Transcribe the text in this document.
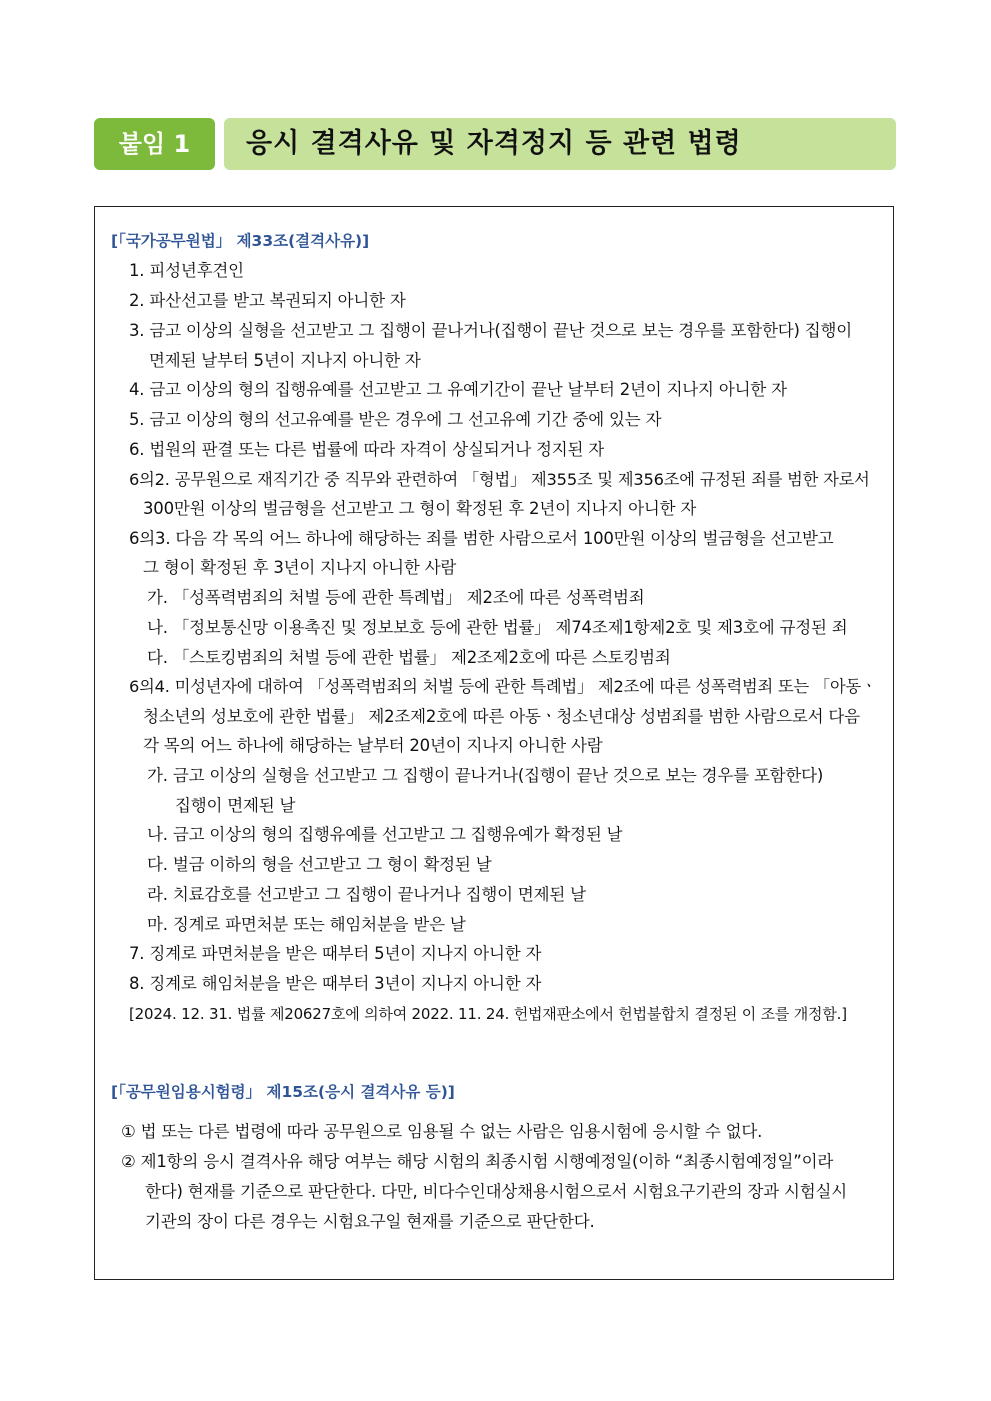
붙임 1	응시 결격사유 및 자격정지 등 관련 법령
[「국가공무원법」 제33조(결격사유)]
1. 피성년후견인
2. 파산선고를 받고 복권되지 아니한 자
3. 금고 이상의 실형을 선고받고 그 집행이 끝나거나(집행이 끝난 것으로 보는 경우를 포함한다) 집행이
면제된 날부터 5년이 지나지 아니한 자
4. 금고 이상의 형의 집행유예를 선고받고 그 유예기간이 끝난 날부터 2년이 지나지 아니한 자
5. 금고 이상의 형의 선고유예를 받은 경우에 그 선고유예 기간 중에 있는 자
6. 법원의 판결 또는 다른 법률에 따라 자격이 상실되거나 정지된 자
6의2. 공무원으로 재직기간 중 직무와 관련하여 「형법」 제355조 및 제356조에 규정된 죄를 범한 자로서
300만원 이상의 벌금형을 선고받고 그 형이 확정된 후 2년이 지나지 아니한 자
6의3. 다음 각 목의 어느 하나에 해당하는 죄를 범한 사람으로서 100만원 이상의 벌금형을 선고받고
그 형이 확정된 후 3년이 지나지 아니한 사람
가. 「성폭력범죄의 처벌 등에 관한 특례법」 제2조에 따른 성폭력범죄
나. 「정보통신망 이용촉진 및 정보보호 등에 관한 법률」 제74조제1항제2호 및 제3호에 규정된 죄
다. 「스토킹범죄의 처벌 등에 관한 법률」 제2조제2호에 따른 스토킹범죄
6의4. 미성년자에 대하여 「성폭력범죄의 처벌 등에 관한 특례법」 제2조에 따른 성폭력범죄 또는 「아동ㆍ
청소년의 성보호에 관한 법률」 제2조제2호에 따른 아동ㆍ청소년대상 성범죄를 범한 사람으로서 다음
각 목의 어느 하나에 해당하는 날부터 20년이 지나지 아니한 사람
가. 금고 이상의 실형을 선고받고 그 집행이 끝나거나(집행이 끝난 것으로 보는 경우를 포함한다)
집행이 면제된 날
나. 금고 이상의 형의 집행유예를 선고받고 그 집행유예가 확정된 날
다. 벌금 이하의 형을 선고받고 그 형이 확정된 날
라. 치료감호를 선고받고 그 집행이 끝나거나 집행이 면제된 날
마. 징계로 파면처분 또는 해임처분을 받은 날
7. 징계로 파면처분을 받은 때부터 5년이 지나지 아니한 자
8. 징계로 해임처분을 받은 때부터 3년이 지나지 아니한 자
[2024. 12. 31. 법률 제20627호에 의하여 2022. 11. 24. 헌법재판소에서 헌법불합치 결정된 이 조를 개정함.]
[「공무원임용시험령」 제15조(응시 결격사유 등)]
① 법 또는 다른 법령에 따라 공무원으로 임용될 수 없는 사람은 임용시험에 응시할 수 없다.
② 제1항의 응시 결격사유 해당 여부는 해당 시험의 최종시험 시행예정일(이하 “최종시험예정일”이라
한다) 현재를 기준으로 판단한다. 다만, 비다수인대상채용시험으로서 시험요구기관의 장과 시험실시
기관의 장이 다른 경우는 시험요구일 현재를 기준으로 판단한다.
